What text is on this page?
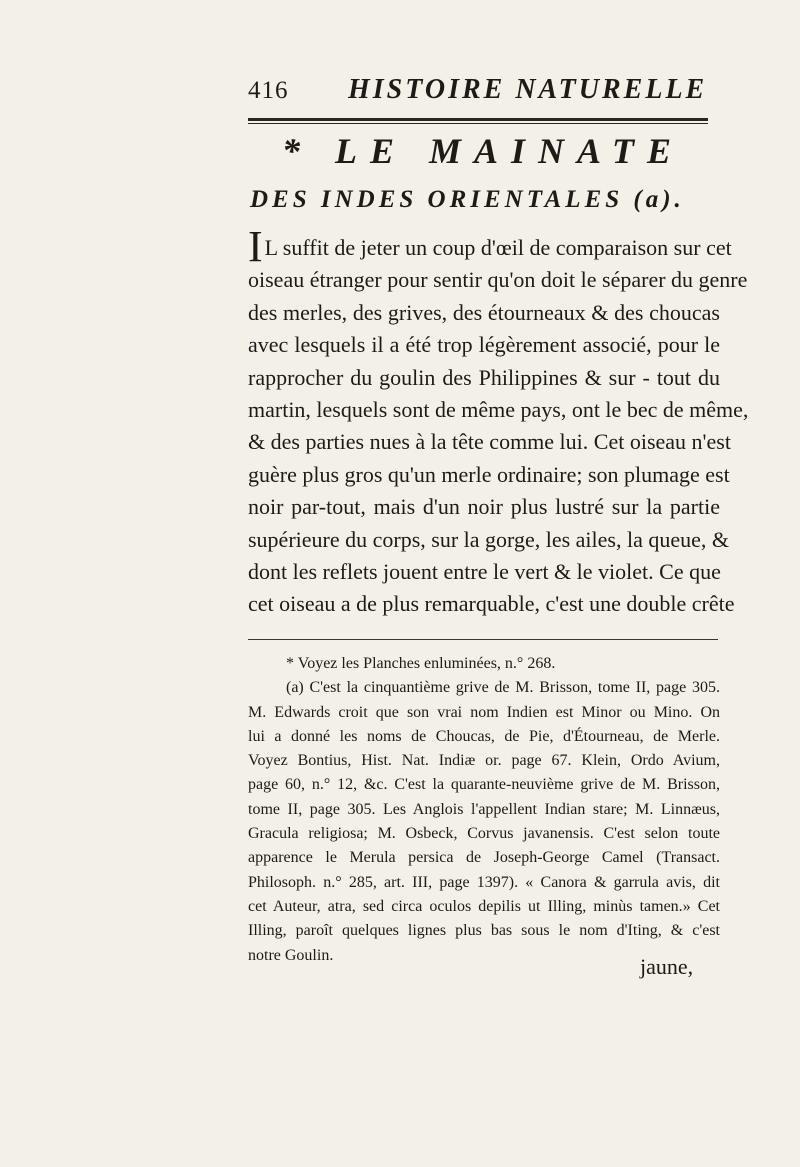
416	HISTOIRE NATURELLE
* LE MAINATE
DES INDES ORIENTALES (a).
IL suffit de jeter un coup d'œil de comparaison sur cet
oiseau étranger pour sentir qu'on doit le séparer du genre
des merles, des grives, des étourneaux & des choucas
avec lesquels il a été trop légèrement associé, pour le
rapprocher du goulin des Philippines & sur - tout du
martin, lesquels sont de même pays, ont le bec de même,
& des parties nues à la tête comme lui. Cet oiseau n'est
guère plus gros qu'un merle ordinaire; son plumage est
noir par-tout, mais d'un noir plus lustré sur la partie
supérieure du corps, sur la gorge, les ailes, la queue, &
dont les reflets jouent entre le vert & le violet. Ce que
cet oiseau a de plus remarquable, c'est une double crête
* Voyez les Planches enluminées, n.° 268.
(a) C'est la cinquantième grive de M. Brisson, tome II, page 305.
M. Edwards croit que son vrai nom Indien est Minor ou Mino. On
lui a donné les noms de Choucas, de Pie, d'Étourneau, de Merle.
Voyez Bontius, Hist. Nat. Indiæ or. page 67. Klein, Ordo Avium,
page 60, n.° 12, &c. C'est la quarante-neuvième grive de M. Brisson,
tome II, page 305. Les Anglois l'appellent Indian stare; M. Linnæus,
Gracula religiosa; M. Osbeck, Corvus javanensis. C'est selon toute
apparence le Merula persica de Joseph-George Camel (Transact.
Philosoph. n.° 285, art. III, page 1397). « Canora & garrula avis, dit
cet Auteur, atra, sed circa oculos depilis ut Illing, minùs tamen.» Cet
Illing, paroît quelques lignes plus bas sous le nom d'Iting, & c'est
notre Goulin.	jaune,
